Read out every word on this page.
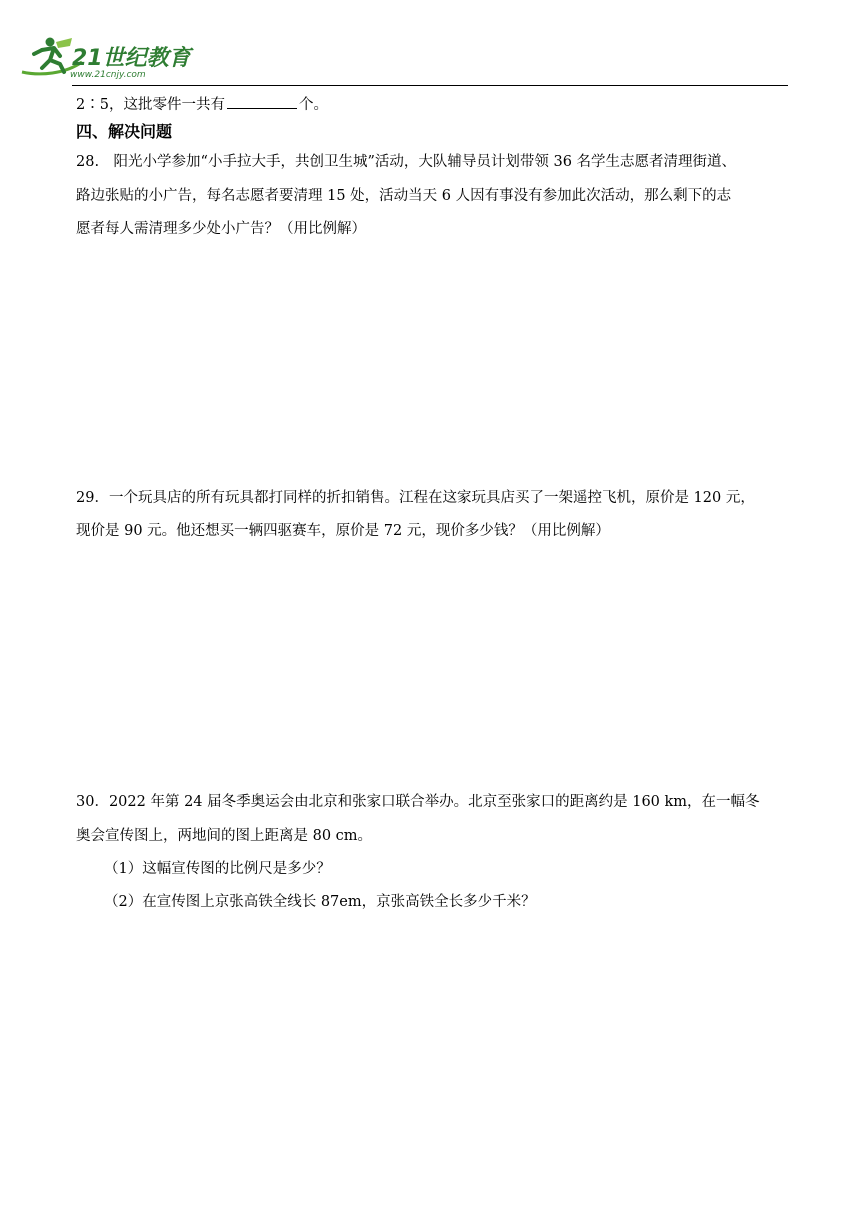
21世纪教育
www.21cnjy.com
2∶5，这批零件一共有	个。
四、解决问题
28.　阳光小学参加“小手拉大手，共创卫生城”活动，大队辅导员计划带领 36 名学生志愿者清理街道、
路边张贴的小广告，每名志愿者要清理 15 处，活动当天 6 人因有事没有参加此次活动，那么剩下的志
愿者每人需清理多少处小广告？（用比例解）
29．一个玩具店的所有玩具都打同样的折扣销售。江程在这家玩具店买了一架遥控飞机，原价是 120 元，
现价是 90 元。他还想买一辆四驱赛车，原价是 72 元，现价多少钱？（用比例解）
30．2022 年第 24 届冬季奥运会由北京和张家口联合举办。北京至张家口的距离约是 160 km，在一幅冬
奥会宣传图上，两地间的图上距离是 80 cm。
（1）这幅宣传图的比例尺是多少？
（2）在宣传图上京张高铁全线长 87em，京张高铁全长多少千米？
